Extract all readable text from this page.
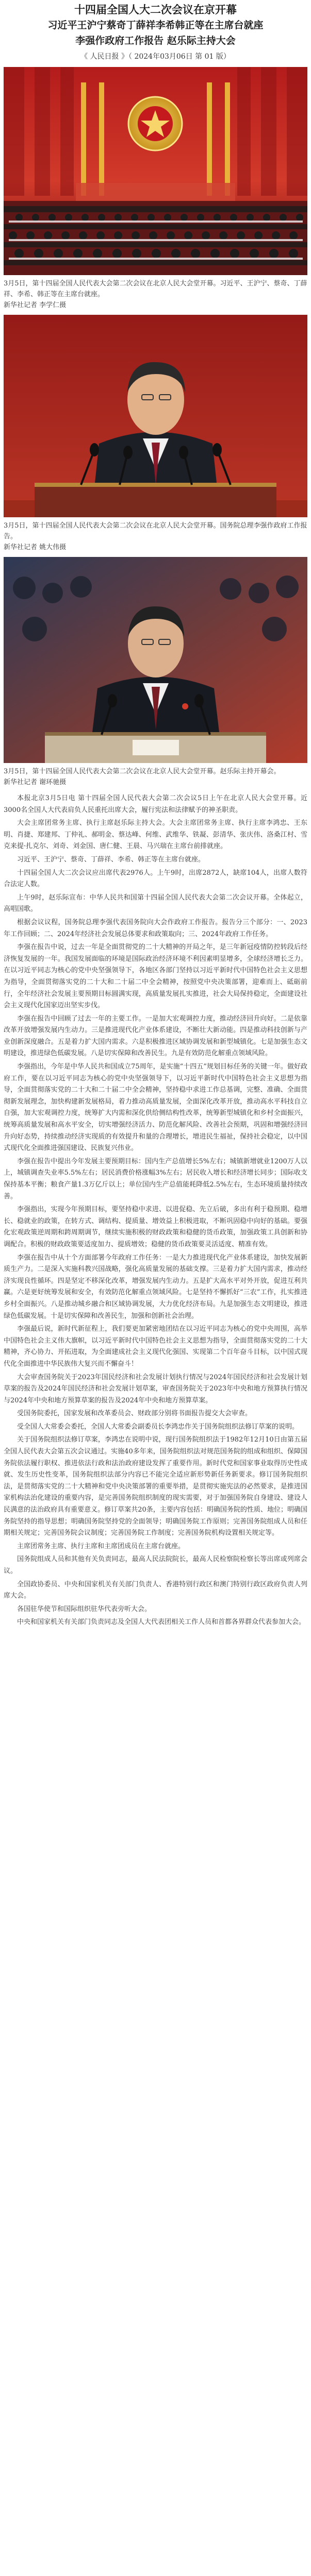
十四届全国人大二次会议在京开幕
习近平王沪宁蔡奇丁薛祥李希韩正等在主席台就座
李强作政府工作报告 赵乐际主持大会
《 人民日报 》（ 2024年03月06日 第 01 版）
3月5日，第十四届全国人民代表大会第二次会议在北京人民大会堂开幕。习近平、王沪宁、蔡奇、丁薛祥、李希、韩正等在主席台就座。
新华社记者 李学仁摄
3月5日，第十四届全国人民代表大会第二次会议在北京人民大会堂开幕。国务院总理李强作政府工作报告。
新华社记者 姚大伟摄
3月5日，第十四届全国人民代表大会第二次会议在北京人民大会堂开幕。赵乐际主持开幕会。
新华社记者 谢环驰摄

本报北京3月5日电 第十四届全国人民代表大会第二次会议5日上午在北京人民大会堂开幕。近3000名全国人大代表肩负人民重托出席大会，履行宪法和法律赋予的神圣职责。

大会主席团常务主席、执行主席赵乐际主持大会。大会主席团常务主席、执行主席李鸿忠、王东明、肖捷、郑建邦、丁仲礼、郝明金、蔡达峰、何维、武维华、铁凝、彭清华、张庆伟、洛桑江村、雪克来提·扎克尔、刘奇、刘金国、唐仁健、王晨、马兴瑞在主席台前排就座。

习近平、王沪宁、蔡奇、丁薛祥、李希、韩正等在主席台就座。

十四届全国人大二次会议应出席代表2976人。上午9时，出席2872人，缺席104人，出席人数符合法定人数。

上午9时，赵乐际宣布：中华人民共和国第十四届全国人民代表大会第二次会议开幕。全体起立，高唱国歌。

根据会议议程，国务院总理李强代表国务院向大会作政府工作报告。报告分三个部分：一、2023年工作回顾；二、2024年经济社会发展总体要求和政策取向；三、2024年政府工作任务。

李强在报告中说，过去一年是全面贯彻党的二十大精神的开局之年，是三年新冠疫情防控转段后经济恢复发展的一年。我国发展面临的环境是国际政治经济环境不利因素明显增多，全球经济增长乏力。在以习近平同志为核心的党中央坚强领导下，各地区各部门坚持以习近平新时代中国特色社会主义思想为指导，全面贯彻落实党的二十大和二十届二中全会精神，按照党中央决策部署，迎难而上、砥砺前行，全年经济社会发展主要预期目标圆满实现，高质量发展扎实推进，社会大局保持稳定，全面建设社会主义现代化国家迈出坚实步伐。

李强在报告中回顾了过去一年的主要工作。一是加大宏观调控力度，推动经济回升向好。二是依靠改革开放增强发展内生动力。三是推进现代化产业体系建设，不断壮大新动能。四是推动科技创新与产业创新深度融合。五是着力扩大国内需求。六是积极推进区域协调发展和新型城镇化。七是加强生态文明建设，推进绿色低碳发展。八是切实保障和改善民生。九是有效防范化解重点领域风险。

李强指出，今年是中华人民共和国成立75周年，是实施“十四五”规划目标任务的关键一年。做好政府工作，要在以习近平同志为核心的党中央坚强领导下，以习近平新时代中国特色社会主义思想为指导，全面贯彻落实党的二十大和二十届二中全会精神，坚持稳中求进工作总基调，完整、准确、全面贯彻新发展理念，加快构建新发展格局，着力推动高质量发展，全面深化改革开放，推动高水平科技自立自强，加大宏观调控力度，统筹扩大内需和深化供给侧结构性改革，统筹新型城镇化和乡村全面振兴，统筹高质量发展和高水平安全，切实增强经济活力、防范化解风险、改善社会预期，巩固和增强经济回升向好态势，持续推动经济实现质的有效提升和量的合理增长，增进民生福祉，保持社会稳定，以中国式现代化全面推进强国建设、民族复兴伟业。

李强在报告中提出今年发展主要预期目标：国内生产总值增长5%左右；城镇新增就业1200万人以上，城镇调查失业率5.5%左右；居民消费价格涨幅3%左右；居民收入增长和经济增长同步；国际收支保持基本平衡；粮食产量1.3万亿斤以上；单位国内生产总值能耗降低2.5%左右，生态环境质量持续改善。

李强指出，实现今年预期目标，要坚持稳中求进、以进促稳、先立后破，多出有利于稳预期、稳增长、稳就业的政策，在转方式、调结构、提质量、增效益上积极进取，不断巩固稳中向好的基础。要强化宏观政策逆周期和跨周期调节，继续实施积极的财政政策和稳健的货币政策，加强政策工具创新和协调配合。积极的财政政策要适度加力、提质增效；稳健的货币政策要灵活适度、精准有效。

李强在报告中从十个方面部署今年政府工作任务：一是大力推进现代化产业体系建设，加快发展新质生产力。二是深入实施科教兴国战略，强化高质量发展的基础支撑。三是着力扩大国内需求，推动经济实现良性循环。四是坚定不移深化改革，增强发展内生动力。五是扩大高水平对外开放，促进互利共赢。六是更好统筹发展和安全，有效防范化解重点领域风险。七是坚持不懈抓好“三农”工作，扎实推进乡村全面振兴。八是推动城乡融合和区域协调发展，大力优化经济布局。九是加强生态文明建设，推进绿色低碳发展。十是切实保障和改善民生，加强和创新社会治理。

李强最后说，新时代新征程上，我们要更加紧密地团结在以习近平同志为核心的党中央周围，高举中国特色社会主义伟大旗帜，以习近平新时代中国特色社会主义思想为指导，全面贯彻落实党的二十大精神，齐心协力、开拓进取，为全面建成社会主义现代化强国、实现第二个百年奋斗目标，以中国式现代化全面推进中华民族伟大复兴而不懈奋斗！

大会审查国务院关于2023年国民经济和社会发展计划执行情况与2024年国民经济和社会发展计划草案的报告及2024年国民经济和社会发展计划草案，审查国务院关于2023年中央和地方预算执行情况与2024年中央和地方预算草案的报告及2024年中央和地方预算草案。

受国务院委托，国家发展和改革委员会、财政部分别将书面报告提交大会审查。

受全国人大常委会委托，全国人大常委会副委员长李鸿忠作关于国务院组织法修订草案的说明。

关于国务院组织法修订草案，李鸿忠在说明中说，现行国务院组织法于1982年12月10日由第五届全国人民代表大会第五次会议通过。实施40多年来，国务院组织法对规范国务院的组成和组织、保障国务院依法履行职权、推进依法行政和法治政府建设发挥了重要作用。新时代党和国家事业取得历史性成就、发生历史性变革，国务院组织法部分内容已不能完全适应新形势新任务新要求。修订国务院组织法，是贯彻落实党的二十大精神和党中央决策部署的重要举措，是贯彻实施宪法的必然要求，是推进国家机构法治化建设的重要内容，是完善国务院组织制度的现实需要，对于加强国务院自身建设、建设人民满意的法治政府具有重要意义。修订草案共20条，主要内容包括：明确国务院的性质、地位；明确国务院坚持的指导思想；明确国务院坚持党的全面领导；明确国务院工作原则；完善国务院组成人员和任期相关规定；完善国务院会议制度；完善国务院工作制度；完善国务院机构设置相关规定等。

主席团常务主席、执行主席和主席团成员在主席台就座。

国务院组成人员和其他有关负责同志，最高人民法院院长，最高人民检察院检察长等出席或列席会议。

全国政协委员、中央和国家机关有关部门负责人、香港特别行政区和澳门特别行政区政府负责人列席大会。

各国驻华使节和国际组织驻华代表旁听大会。

中央和国家机关有关部门负责同志及全国人大代表团相关工作人员和首都各界群众代表参加大会。
